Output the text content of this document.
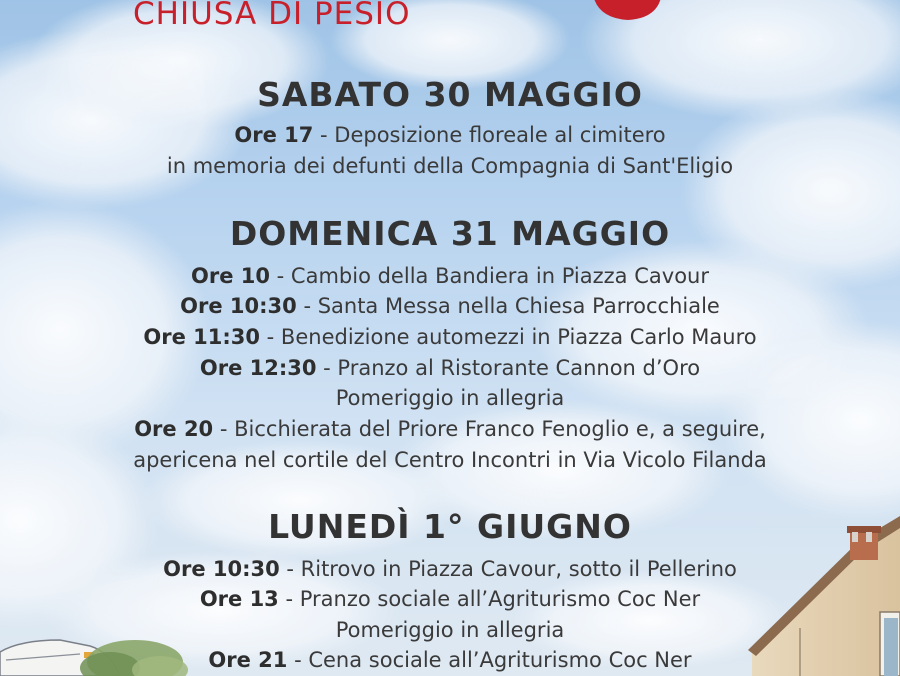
CHIUSA DI PESIO
SABATO 30 MAGGIO
Ore 17 - Deposizione floreale al cimitero
in memoria dei defunti della Compagnia di Sant'Eligio
DOMENICA 31 MAGGIO
Ore 10 - Cambio della Bandiera in Piazza Cavour
Ore 10:30 - Santa Messa nella Chiesa Parrocchiale
Ore 11:30 - Benedizione automezzi in Piazza Carlo Mauro
Ore 12:30 - Pranzo al Ristorante Cannon d’Oro
Pomeriggio in allegria
Ore 20 - Bicchierata del Priore Franco Fenoglio e, a seguire,
apericena nel cortile del Centro Incontri in Via Vicolo Filanda
LUNEDÌ 1° GIUGNO
Ore 10:30 - Ritrovo in Piazza Cavour, sotto il Pellerino
Ore 13 - Pranzo sociale all’Agriturismo Coc Ner
Pomeriggio in allegria
Ore 21 - Cena sociale all’Agriturismo Coc Ner
